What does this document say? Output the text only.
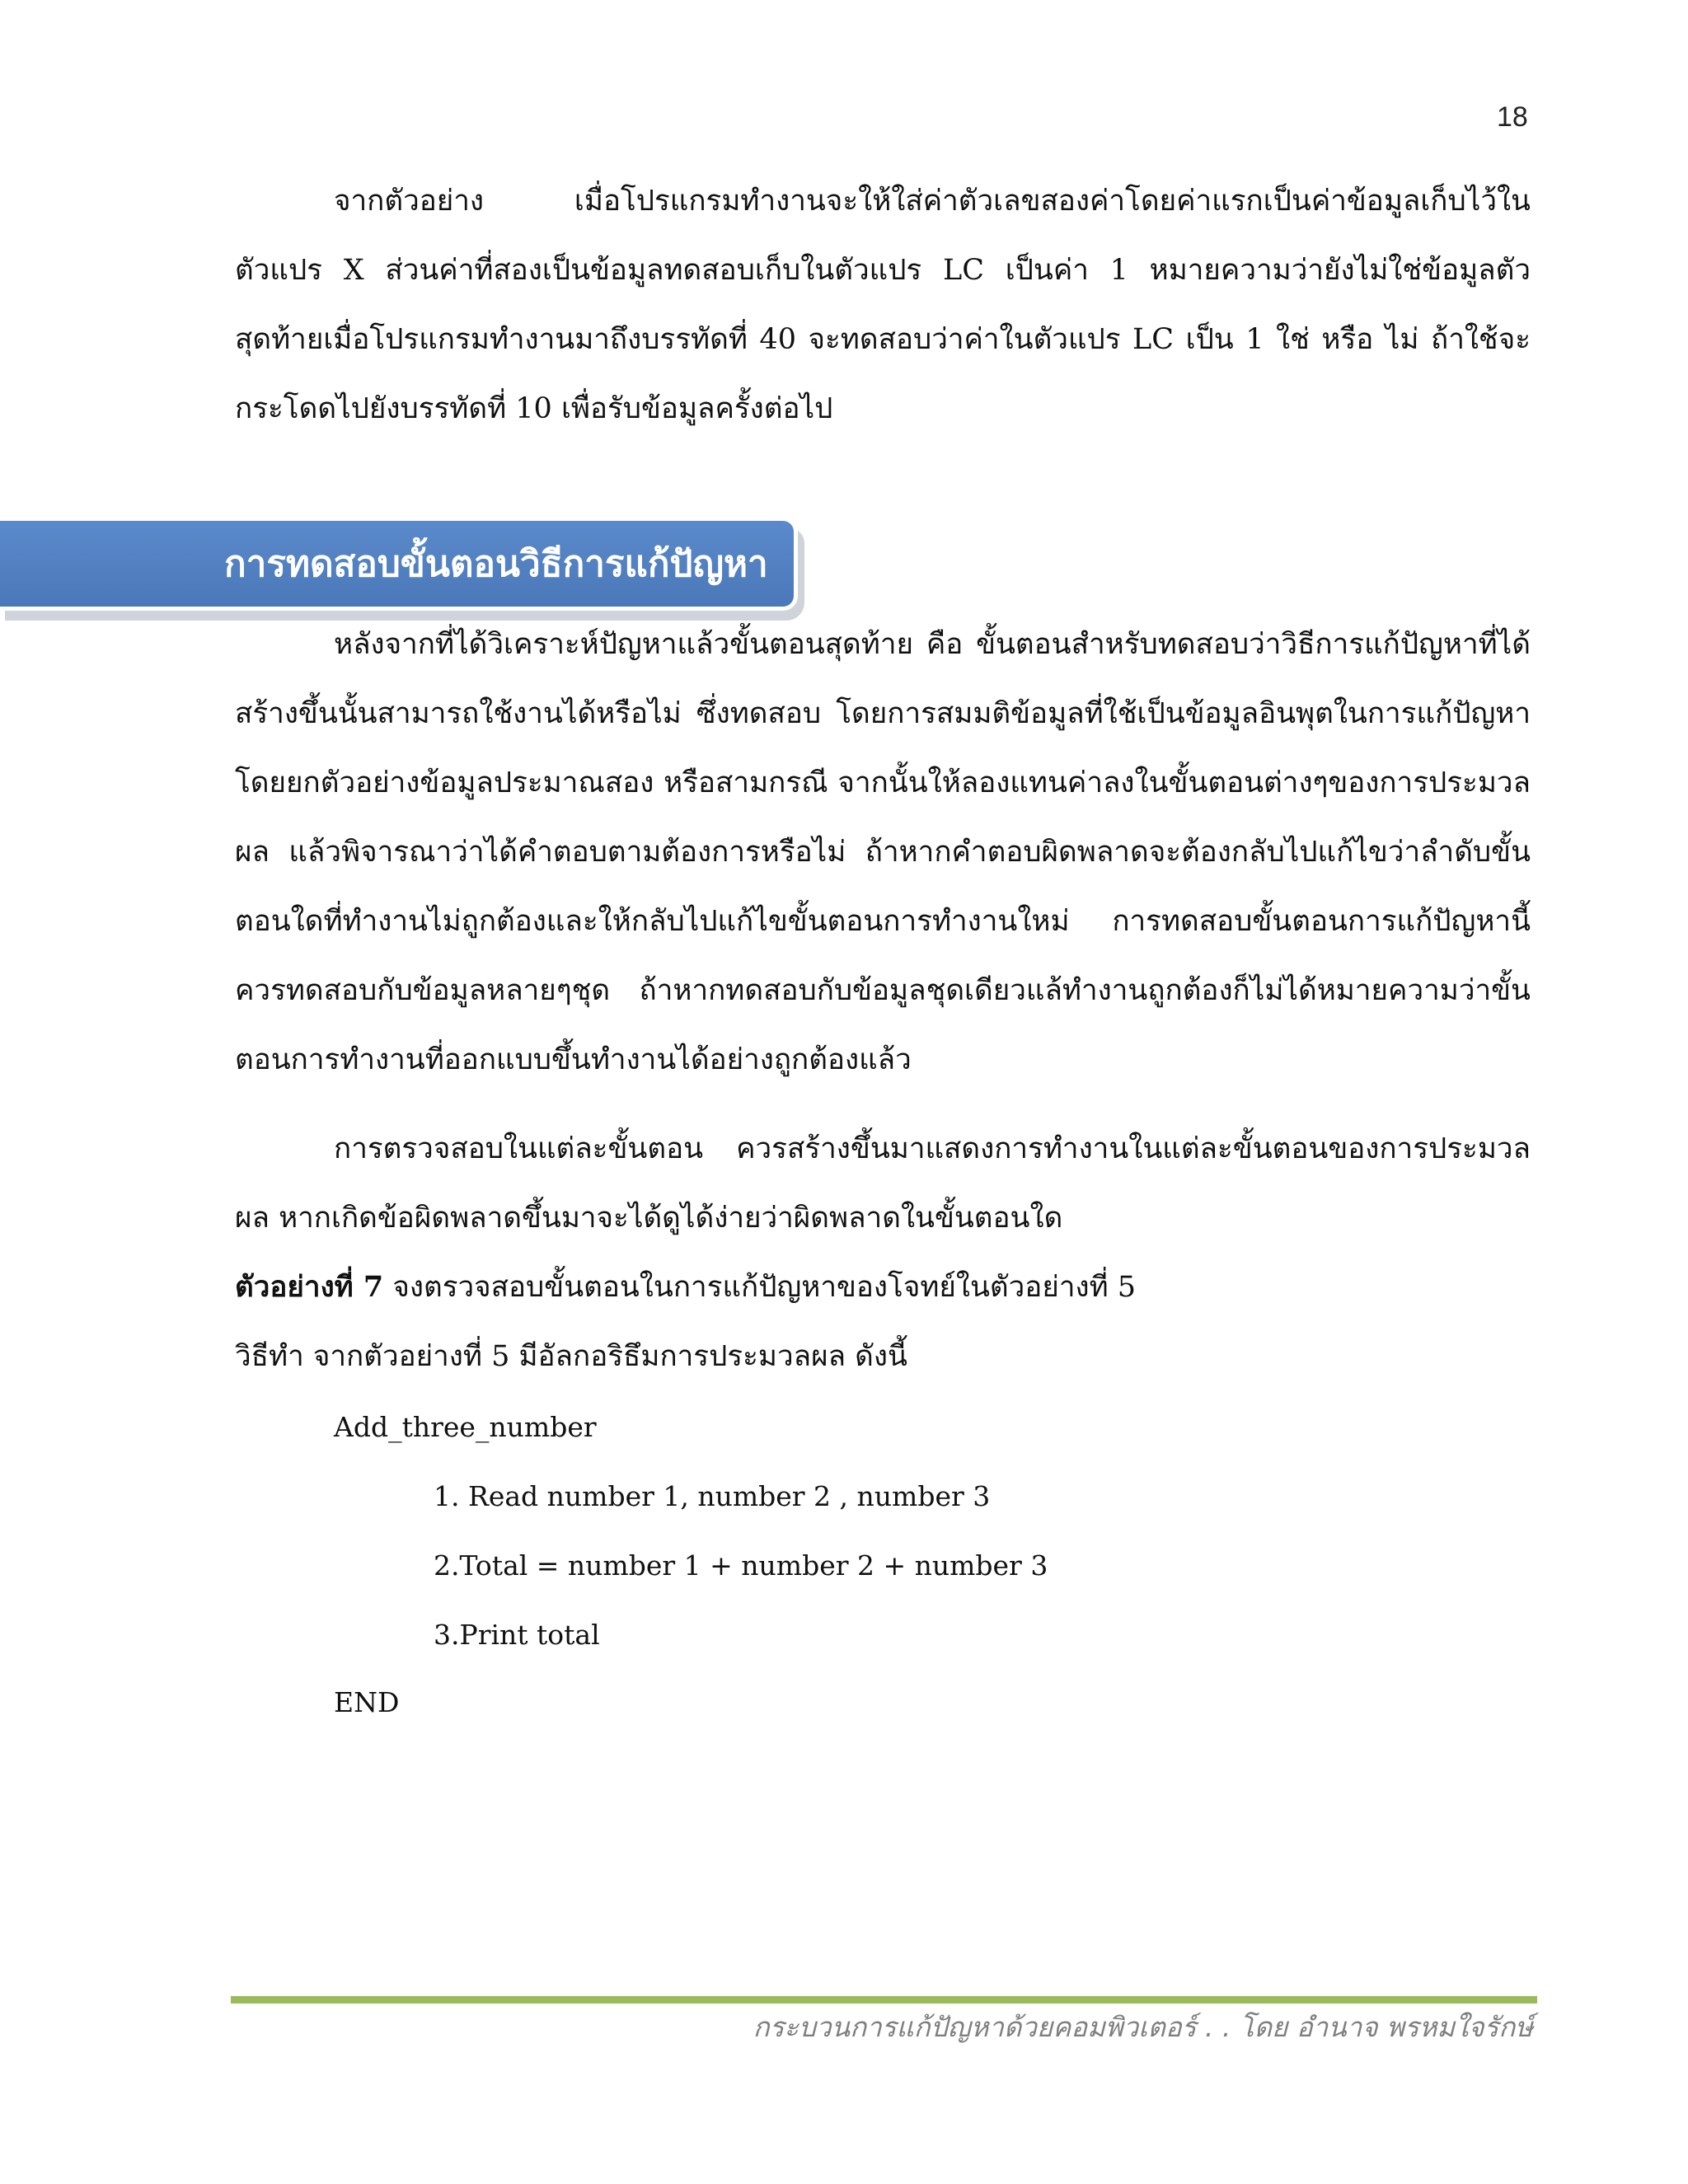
18

จากตัวอย่าง เมื่อโปรแกรมทำงานจะให้ใส่ค่าตัวเลขสองค่าโดยค่าแรกเป็นค่าข้อมูลเก็บไว้ในตัวแปร X ส่วนค่าที่สองเป็นข้อมูลทดสอบเก็บในตัวแปร LC เป็นค่า 1 หมายความว่ายังไม่ใช่ข้อมูลตัวสุดท้ายเมื่อโปรแกรมทำงานมาถึงบรรทัดที่ 40 จะทดสอบว่าค่าในตัวแปร LC เป็น 1 ใช่ หรือ ไม่ ถ้าใช้จะกระโดดไปยังบรรทัดที่ 10 เพื่อรับข้อมูลครั้งต่อไป

การทดสอบขั้นตอนวิธีการแก้ปัญหา

หลังจากที่ได้วิเคราะห์ปัญหาแล้วขั้นตอนสุดท้าย คือ ขั้นตอนสำหรับทดสอบว่าวิธีการแก้ปัญหาที่ได้สร้างขึ้นนั้นสามารถใช้งานได้หรือไม่ ซึ่งทดสอบ โดยการสมมติข้อมูลที่ใช้เป็นข้อมูลอินพุตในการแก้ปัญหา โดยยกตัวอย่างข้อมูลประมาณสอง หรือสามกรณี จากนั้นให้ลองแทนค่าลงในขั้นตอนต่างๆของการประมวลผล แล้วพิจารณาว่าได้คำตอบตามต้องการหรือไม่ ถ้าหากคำตอบผิดพลาดจะต้องกลับไปแก้ไขว่าลำดับขั้นตอนใดที่ทำงานไม่ถูกต้องและให้กลับไปแก้ไขขั้นตอนการทำงานใหม่ การทดสอบขั้นตอนการแก้ปัญหานี้ควรทดสอบกับข้อมูลหลายๆชุด ถ้าหากทดสอบกับข้อมูลชุดเดียวแล้ทำงานถูกต้องก็ไม่ได้หมายความว่าขั้นตอนการทำงานที่ออกแบบขึ้นทำงานได้อย่างถูกต้องแล้ว

การตรวจสอบในแต่ละขั้นตอน ควรสร้างขึ้นมาแสดงการทำงานในแต่ละขั้นตอนของการประมวลผล หากเกิดข้อผิดพลาดขึ้นมาจะได้ดูได้ง่ายว่าผิดพลาดในขั้นตอนใด

ตัวอย่างที่ 7 จงตรวจสอบขั้นตอนในการแก้ปัญหาของโจทย์ในตัวอย่างที่ 5

วิธีทำ จากตัวอย่างที่ 5 มีอัลกอริธึมการประมวลผล ดังนี้

Add_three_number

1. Read number 1, number 2 , number 3

2.Total = number 1 + number 2 + number 3

3.Print total

END

กระบวนการแก้ปัญหาด้วยคอมพิวเตอร์ . . โดย อำนาจ พรหมใจรักษ์
